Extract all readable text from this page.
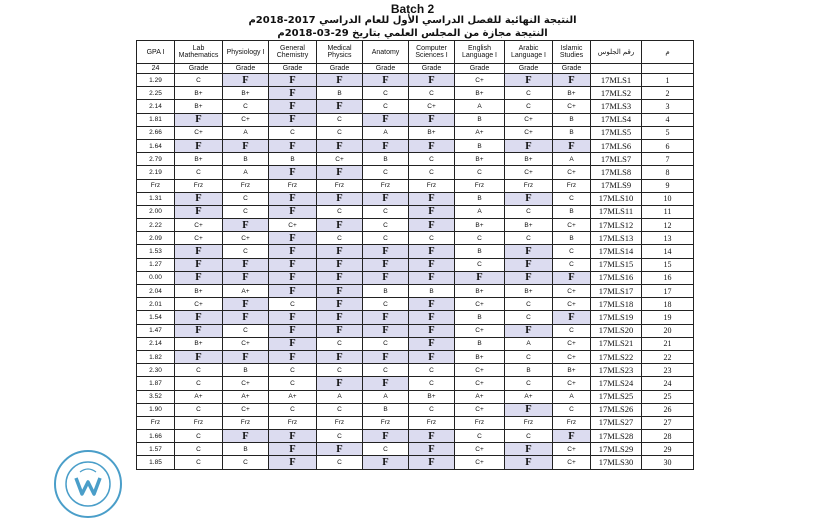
Batch 2
النتيجة النهائية للفصل الدراسي الأول للعام الدراسي 2017-2018م
النتيجة مجازة من المجلس العلمي بتاريخ 29-03-2018م
GPA I	Lab Mathematics	Physiology I	General Chemistry	Medical Physics	Anatomy	Computer Sciences I	English Language I	Arabic Language I	Islamic Studies	رقم الجلوس	م
24	Grade	Grade	Grade	Grade	Grade	Grade	Grade	Grade	Grade		
1.29	C	F	F	F	F	F	C+	F	F	17MLS1	1
2.25	B+	B+	F	B	C	C	B+	C	B+	17MLS2	2
2.14	B+	C	F	F	C	C+	A	C	C+	17MLS3	3
1.81	F	C+	F	C	F	F	B	C+	B	17MLS4	4
2.66	C+	A	C	C	A	B+	A+	C+	B	17MLS5	5
1.64	F	F	F	F	F	F	B	F	F	17MLS6	6
2.79	B+	B	B	C+	B	C	B+	B+	A	17MLS7	7
2.19	C	A	F	F	C	C	C	C+	C+	17MLS8	8
Frz	Frz	Frz	Frz	Frz	Frz	Frz	Frz	Frz	Frz	17MLS9	9
1.31	F	C	F	F	F	F	B	F	C	17MLS10	10
2.00	F	C	F	C	C	F	A	C	B	17MLS11	11
2.22	C+	F	C+	F	C	F	B+	B+	C+	17MLS12	12
2.09	C+	C+	F	C	C	C	C	C	B	17MLS13	13
1.53	F	C	F	F	F	F	B	F	C	17MLS14	14
1.27	F	F	F	F	F	F	C	F	C	17MLS15	15
0.00	F	F	F	F	F	F	F	F	F	17MLS16	16
2.04	B+	A+	F	F	B	B	B+	B+	C+	17MLS17	17
2.01	C+	F	C	F	C	F	C+	C	C+	17MLS18	18
1.54	F	F	F	F	F	F	B	C	F	17MLS19	19
1.47	F	C	F	F	F	F	C+	F	C	17MLS20	20
2.14	B+	C+	F	C	C	F	B	A	C+	17MLS21	21
1.82	F	F	F	F	F	F	B+	C	C+	17MLS22	22
2.30	C	B	C	C	C	C	C+	B	B+	17MLS23	23
1.87	C	C+	C	F	F	C	C+	C	C+	17MLS24	24
3.52	A+	A+	A+	A	A	B+	A+	A+	A	17MLS25	25
1.90	C	C+	C	C	B	C	C+	F	C	17MLS26	26
Frz	Frz	Frz	Frz	Frz	Frz	Frz	Frz	Frz	Frz	17MLS27	27
1.66	C	F	F	C	F	F	C	C	F	17MLS28	28
1.57	C	B	F	F	C	F	C+	F	C+	17MLS29	29
1.85	C	C	F	C	F	F	C+	F	C+	17MLS30	30
